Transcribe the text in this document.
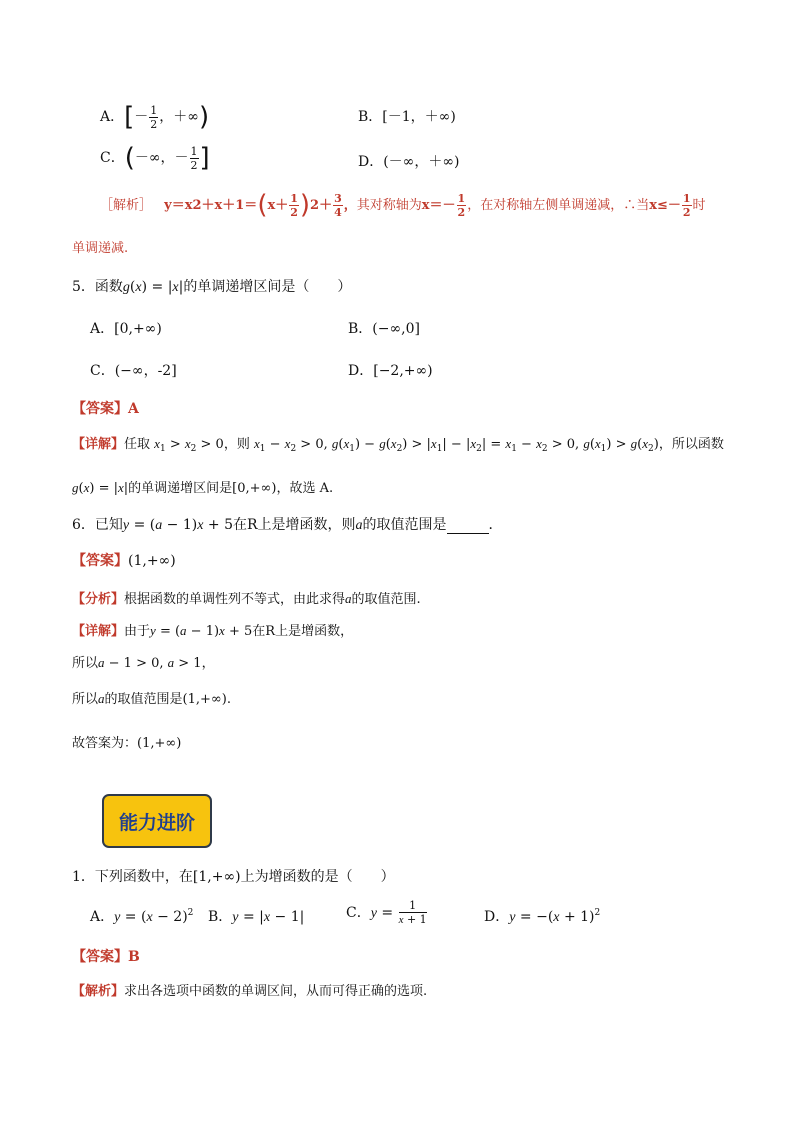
A．[－ $\frac{1}{2}$ ，＋∞)	B．[－1，＋∞)
C．(－∞，－ $\frac{1}{2}$ ]	D．(－∞，＋∞)
［解析］ $y=x2+x+1=(x+ \frac{1}{2} )2+ \frac{3}{4}$ ，其对称轴为$x=- \frac{1}{2}$ ，在对称轴左侧单调递减，∴当$x\le- \frac{1}{2}$ 时
单调递减.
5．函数g(x) = |x|的单调递增区间是（　　）
A．[0,+∞)	B．(−∞,0]
C．(−∞，-2]	D．[−2,+∞)
【答案】A
【详解】任取 $x_1 > x_2 > 0$，则 $x_1 - x_2 > 0$, $g(x_1) - g(x_2) > |x_1| - |x_2| = x_1 - x_2 > 0$, $g(x_1) > g(x_2)$，所以函数
g(x) = |x|的单调递增区间是[0,+∞)，故选 A.
6．已知y = (a − 1)x + 5在R上是增函数，则a的取值范围是	．
【答案】(1,+∞)
【分析】根据函数的单调性列不等式，由此求得a的取值范围.
【详解】由于y = (a − 1)x + 5在R上是增函数，
所以a − 1 > 0, a > 1，
所以a的取值范围是(1,+∞).
故答案为：(1,+∞)
能力进阶
1．下列函数中，在[1,+∞)上为增函数的是（　　）
A．$y = (x - 2)^2$ B．y = |x − 1|	C．$y = \frac{1}{x + 1}$	D．$y = -(x + 1)^2$
【答案】B
【解析】求出各选项中函数的单调区间，从而可得正确的选项.
